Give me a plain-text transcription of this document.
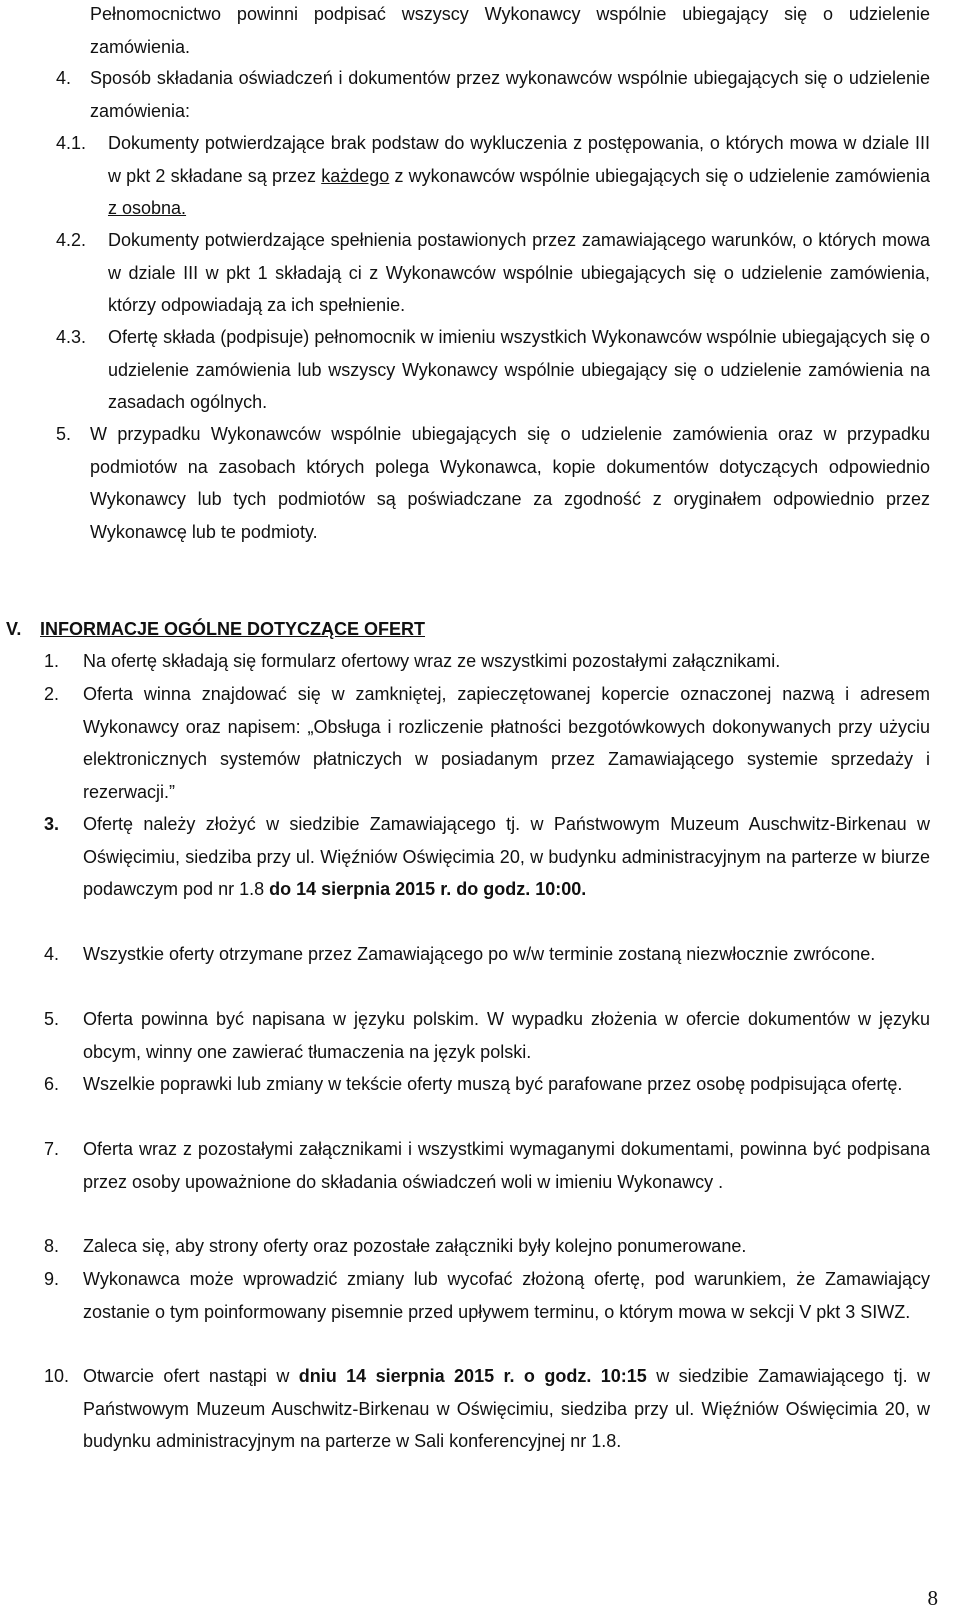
Pełnomocnictwo powinni podpisać wszyscy Wykonawcy wspólnie ubiegający się o udzielenie zamówienia.

4. Sposób składania oświadczeń i dokumentów przez wykonawców wspólnie ubiegających się o udzielenie zamówienia:

4.1. Dokumenty potwierdzające brak podstaw do wykluczenia z postępowania, o których mowa w dziale III w pkt 2 składane są przez każdego z wykonawców wspólnie ubiegających się o udzielenie zamówienia z osobna.

4.2. Dokumenty potwierdzające spełnienia postawionych przez zamawiającego warunków, o których mowa w dziale III w pkt 1 składają ci z Wykonawców wspólnie ubiegających się o udzielenie zamówienia, którzy odpowiadają za ich spełnienie.

4.3. Ofertę składa (podpisuje) pełnomocnik w imieniu wszystkich Wykonawców wspólnie ubiegających się o udzielenie zamówienia lub wszyscy Wykonawcy wspólnie ubiegający się o udzielenie zamówienia na zasadach ogólnych.

5. W przypadku Wykonawców wspólnie ubiegających się o udzielenie zamówienia oraz w przypadku podmiotów na zasobach których polega Wykonawca, kopie dokumentów dotyczących odpowiednio Wykonawcy lub tych podmiotów są poświadczane za zgodność z oryginałem odpowiednio przez Wykonawcę lub te podmioty.

V. INFORMACJE OGÓLNE DOTYCZĄCE OFERT
1. Na ofertę składają się formularz ofertowy wraz ze wszystkimi pozostałymi załącznikami.

2. Oferta winna znajdować się w zamkniętej, zapieczętowanej kopercie oznaczonej nazwą i adresem Wykonawcy oraz napisem: „Obsługa i rozliczenie płatności bezgotówkowych dokonywanych przy użyciu elektronicznych systemów płatniczych w posiadanym przez Zamawiającego systemie sprzedaży i rezerwacji.”

3. Ofertę należy złożyć w siedzibie Zamawiającego tj. w Państwowym Muzeum Auschwitz-Birkenau w Oświęcimiu, siedziba przy ul. Więźniów Oświęcimia 20, w budynku administracyjnym na parterze w biurze podawczym pod nr 1.8 do 14 sierpnia 2015 r. do godz. 10:00.

4. Wszystkie oferty otrzymane przez Zamawiającego po w/w terminie zostaną niezwłocznie zwrócone.

5. Oferta powinna być napisana w języku polskim. W wypadku złożenia w ofercie dokumentów w języku obcym, winny one zawierać tłumaczenia na język polski.

6. Wszelkie poprawki lub zmiany w tekście oferty muszą być parafowane przez osobę podpisująca ofertę.

7. Oferta wraz z pozostałymi załącznikami i wszystkimi wymaganymi dokumentami, powinna być podpisana przez osoby upoważnione do składania oświadczeń woli w imieniu Wykonawcy .

8. Zaleca się, aby strony oferty oraz pozostałe załączniki były kolejno ponumerowane.

9. Wykonawca może wprowadzić zmiany lub wycofać złożoną ofertę, pod warunkiem, że Zamawiający zostanie o tym poinformowany pisemnie przed upływem terminu, o którym mowa w sekcji V pkt 3 SIWZ.

10. Otwarcie ofert nastąpi w dniu 14 sierpnia 2015 r. o godz. 10:15 w siedzibie Zamawiającego tj. w Państwowym Muzeum Auschwitz-Birkenau w Oświęcimiu, siedziba przy ul. Więźniów Oświęcimia 20, w budynku administracyjnym na parterze w Sali konferencyjnej nr 1.8.

8
